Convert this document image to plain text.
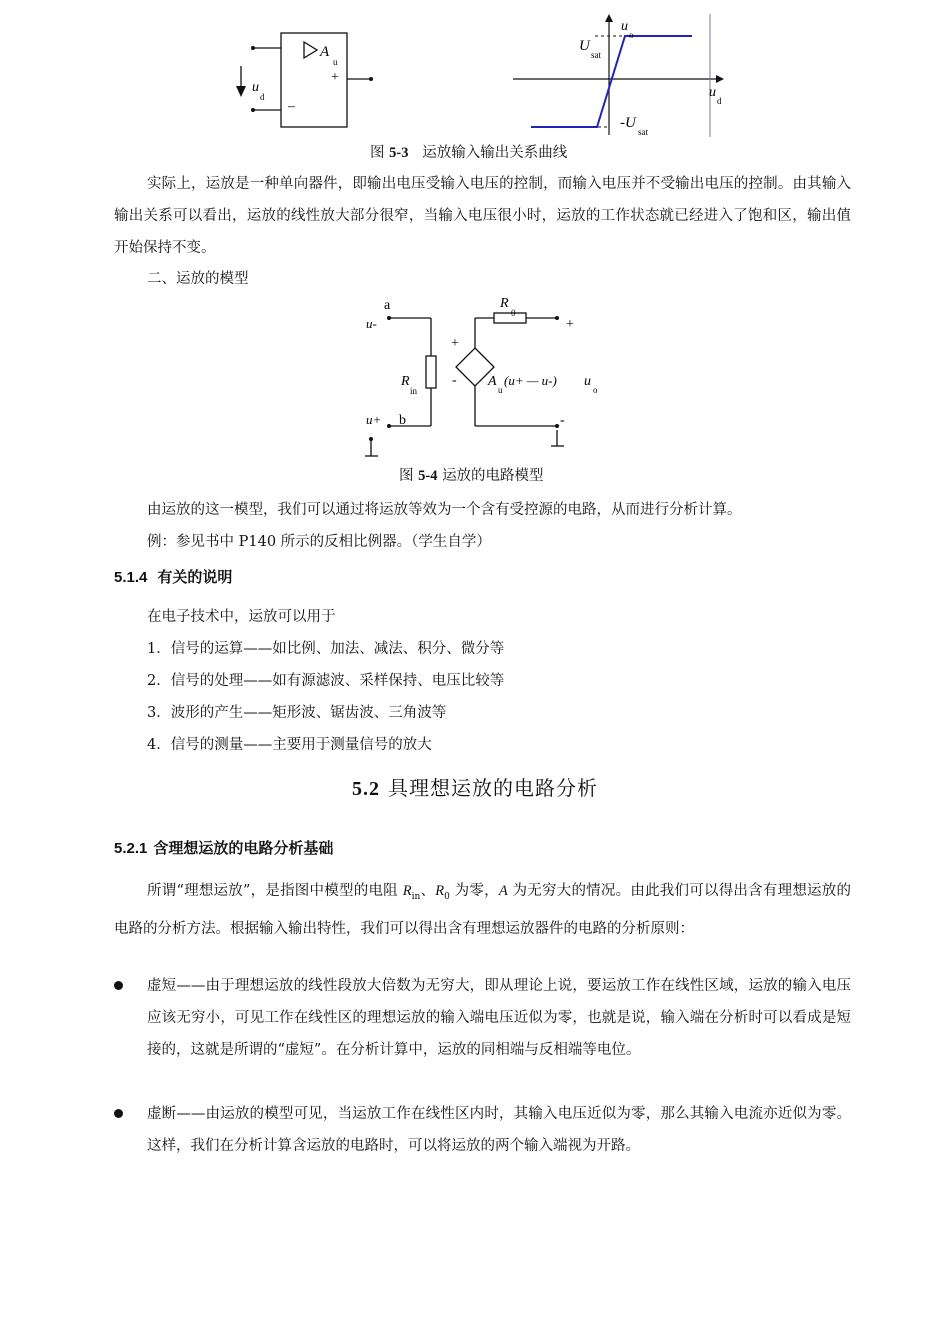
A
u
+
–
u
d
u
o
U
sat
u
d
-U
sat
a
u-
u+ b
R
0
+
+
-
R
in
A
u
(u+ — u-) u
o
-
图 5-3 运放输入输出关系曲线
实际上，运放是一种单向器件，即输出电压受输入电压的控制，而输入电压并不受输出电压的控制。由其输入输出关系可以看出，运放的线性放大部分很窄，当输入电压很小时，运放的工作状态就已经进入了饱和区，输出值开始保持不变。
二、运放的模型
图 5-4 运放的电路模型
由运放的这一模型，我们可以通过将运放等效为一个含有受控源的电路，从而进行分析计算。
例：参见书中 P140 所示的反相比例器。（学生自学）
5.1.4 有关的说明
在电子技术中，运放可以用于
1．信号的运算——如比例、加法、减法、积分、微分等
2．信号的处理——如有源滤波、采样保持、电压比较等
3．波形的产生——矩形波、锯齿波、三角波等
4．信号的测量——主要用于测量信号的放大
5.2 具理想运放的电路分析
5.2.1 含理想运放的电路分析基础
所谓“理想运放”，是指图中模型的电阻 $R_{in}$、$R_0$ 为零，A 为无穷大的情况。由此我们可以得出含有理想运放的电路的分析方法。根据输入输出特性，我们可以得出含有理想运放器件的电路的分析原则：
虚短——由于理想运放的线性段放大倍数为无穷大，即从理论上说，要运放工作在线性区域，运放的输入电压应该无穷小，可见工作在线性区的理想运放的输入端电压近似为零，也就是说，输入端在分析时可以看成是短接的，这就是所谓的“虚短”。在分析计算中，运放的同相端与反相端等电位。
虚断——由运放的模型可见，当运放工作在线性区内时，其输入电压近似为零，那么其输入电流亦近似为零。这样，我们在分析计算含运放的电路时，可以将运放的两个输入端视为开路。
